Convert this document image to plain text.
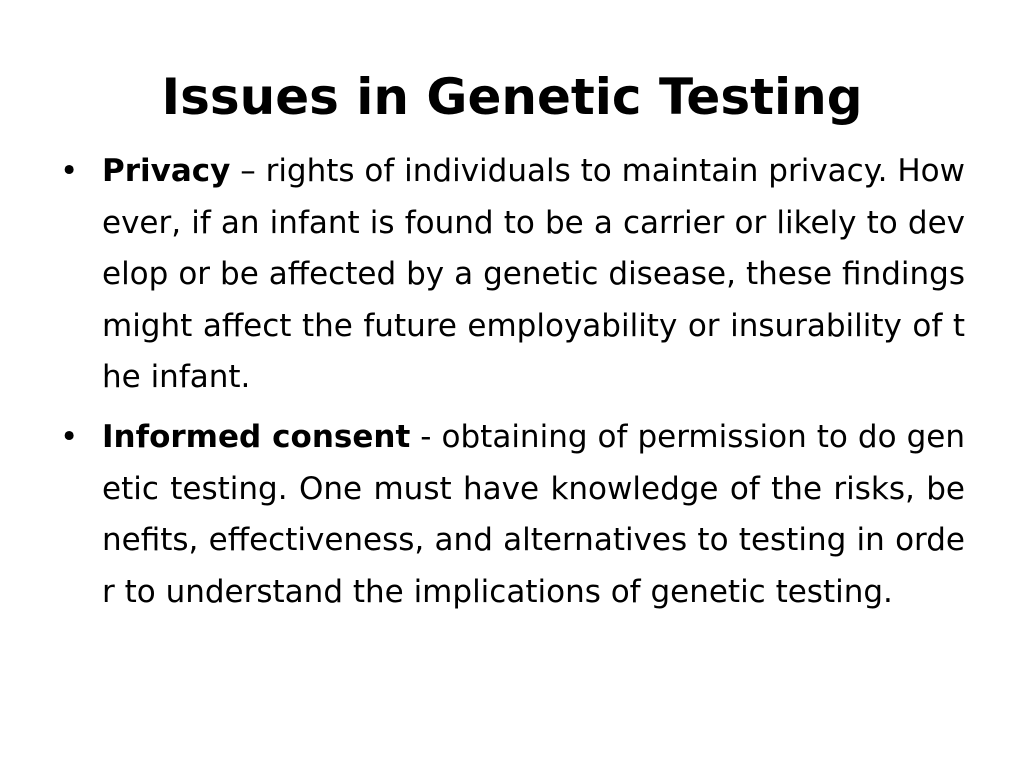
Issues in Genetic Testing
• Privacy – rights of individuals to maintain privacy. However, if an infant is found to be a carrier or likely to develop or be affected by a genetic disease, these findings might affect the future employability or insurability of the infant.
• Informed consent - obtaining of permission to do genetic testing. One must have knowledge of the risks, benefits, effectiveness, and alternatives to testing in order to understand the implications of genetic testing.
